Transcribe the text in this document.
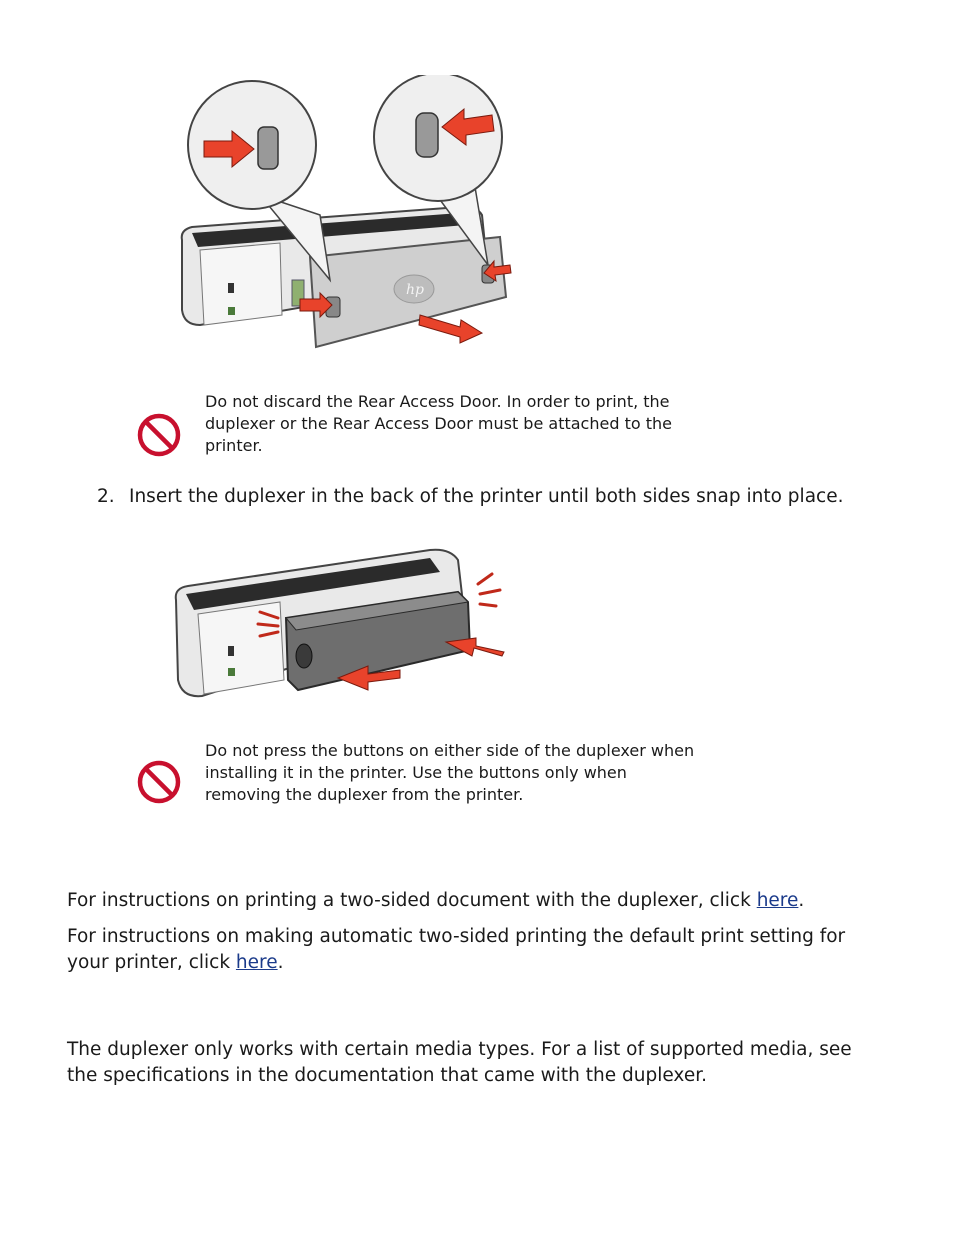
hp
Do not discard the Rear Access Door. In order to print, the
duplexer or the Rear Access Door must be attached to the
printer.
2. Insert the duplexer in the back of the printer until both sides snap into place.
Do not press the buttons on either side of the duplexer when
installing it in the printer. Use the buttons only when
removing the duplexer from the printer.
For instructions on printing a two-sided document with the duplexer, click here.
For instructions on making automatic two-sided printing the default print setting for
your printer, click here.
The duplexer only works with certain media types. For a list of supported media, see
the specifications in the documentation that came with the duplexer.
